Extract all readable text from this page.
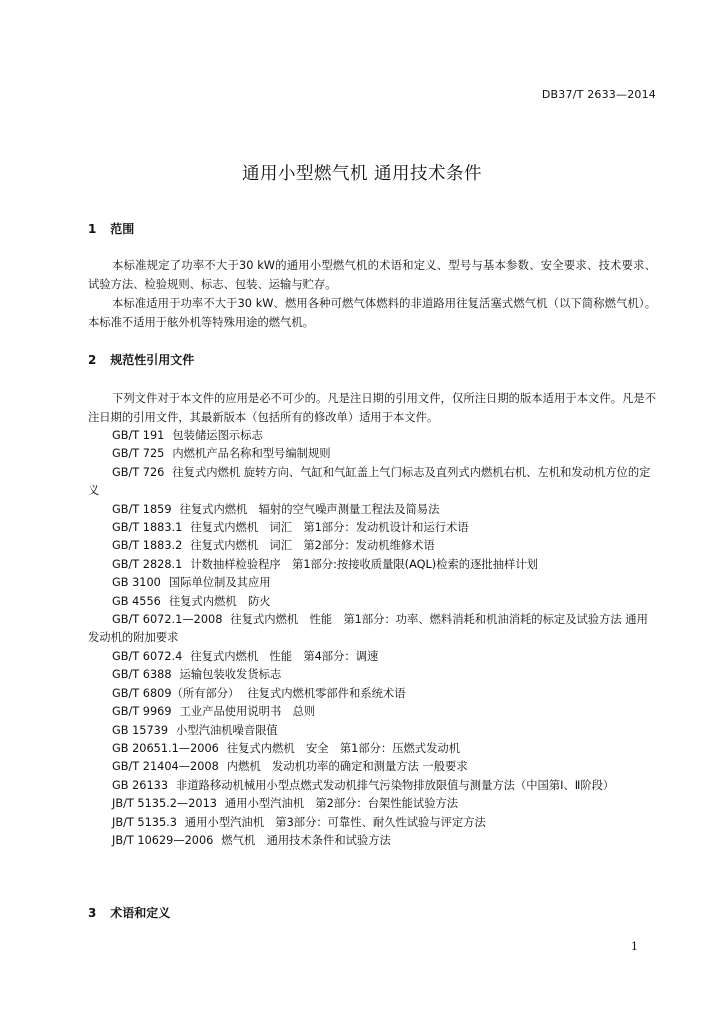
DB37/T 2633—2014
通用小型燃气机 通用技术条件
1 范围

本标准规定了功率不大于30 kW的通用小型燃气机的术语和定义、型号与基本参数、安全要求、技术要求、试验方法、检验规则、标志、包装、运输与贮存。

本标准适用于功率不大于30 kW、燃用各种可燃气体燃料的非道路用往复活塞式燃气机（以下简称燃气机）。本标准不适用于舷外机等特殊用途的燃气机。

2 规范性引用文件

下列文件对于本文件的应用是必不可少的。凡是注日期的引用文件，仅所注日期的版本适用于本文件。凡是不注日期的引用文件，其最新版本（包括所有的修改单）适用于本文件。

GB/T 191 包装储运图示标志
GB/T 725 内燃机产品名称和型号编制规则
GB/T 726 往复式内燃机 旋转方向、气缸和气缸盖上气门标志及直列式内燃机右机、左机和发动机方位的定义
GB/T 1859 往复式内燃机　辐射的空气噪声测量工程法及简易法
GB/T 1883.1 往复式内燃机　词汇　第1部分：发动机设计和运行术语
GB/T 1883.2 往复式内燃机　词汇　第2部分：发动机维修术语
GB/T 2828.1 计数抽样检验程序　第1部分:按接收质量限(AQL)检索的逐批抽样计划
GB 3100 国际单位制及其应用
GB 4556 往复式内燃机　防火
GB/T 6072.1—2008 往复式内燃机　性能　第1部分：功率、燃料消耗和机油消耗的标定及试验方法 通用发动机的附加要求
GB/T 6072.4 往复式内燃机　性能　第4部分：调速
GB/T 6388 运输包装收发货标志
GB/T 6809（所有部分） 往复式内燃机零部件和系统术语
GB/T 9969 工业产品使用说明书　总则
GB 15739 小型汽油机噪音限值
GB 20651.1—2006 往复式内燃机　安全　第1部分：压燃式发动机
GB/T 21404—2008 内燃机　发动机功率的确定和测量方法 一般要求
GB 26133 非道路移动机械用小型点燃式发动机排气污染物排放限值与测量方法（中国第Ⅰ、Ⅱ阶段）
JB/T 5135.2—2013 通用小型汽油机　第2部分：台架性能试验方法
JB/T 5135.3 通用小型汽油机　第3部分：可靠性、耐久性试验与评定方法
JB/T 10629—2006 燃气机　通用技术条件和试验方法
3 术语和定义
1
